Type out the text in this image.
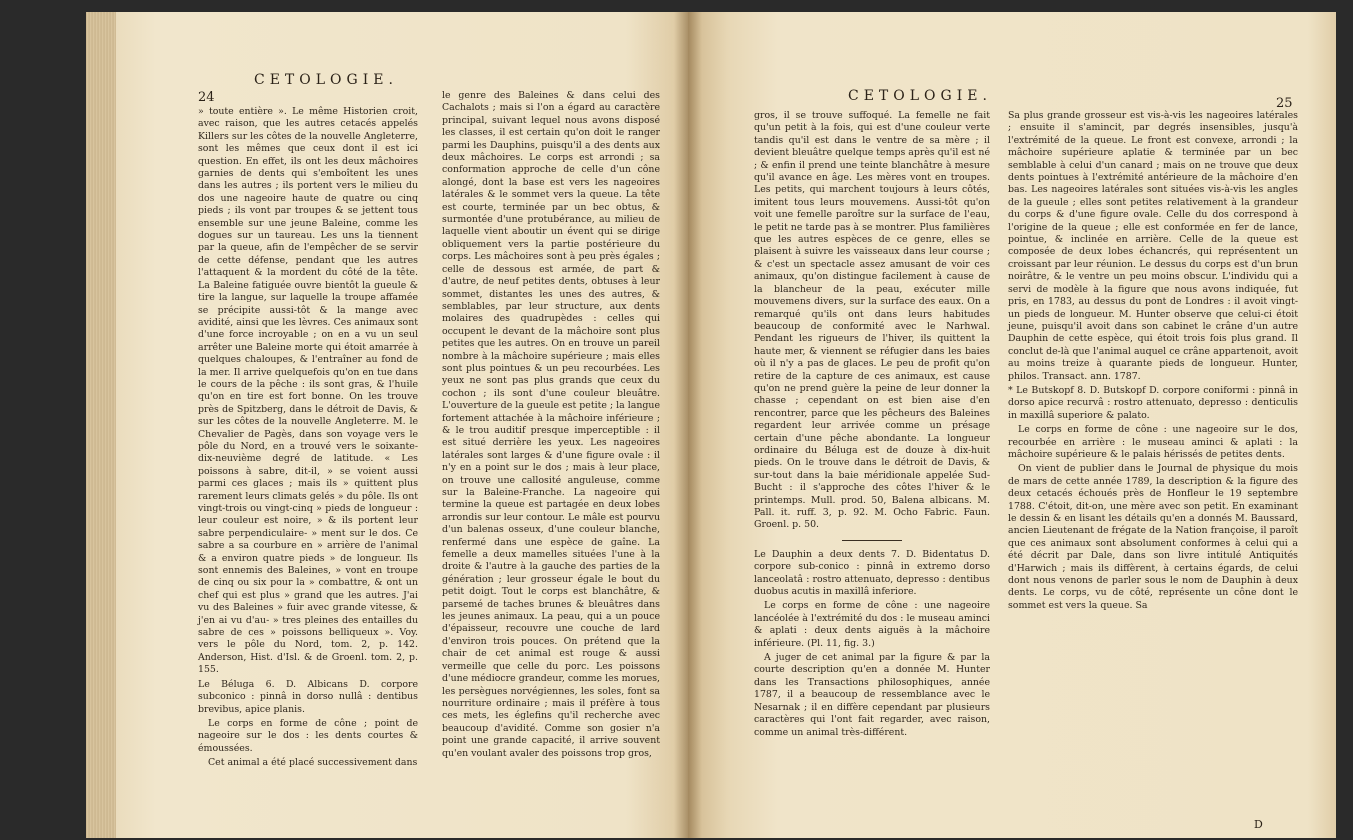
24
CETOLOGIE.

» toute entière ». Le même Historien croit, avec raison, que les autres cetacés appelés Killers sur les côtes de la nouvelle Angleterre, sont les mêmes que ceux dont il est ici question. En effet, ils ont les deux mâchoires garnies de dents qui s'emboîtent les unes dans les autres ; ils portent vers le milieu du dos une nageoire haute de quatre ou cinq pieds ; ils vont par troupes & se jettent tous ensemble sur une jeune Baleine, comme les dogues sur un taureau. Les uns la tiennent par la queue, afin de l'empêcher de se servir de cette défense, pendant que les autres l'attaquent & la mordent du côté de la tête. La Baleine fatiguée ouvre bientôt la gueule & tire la langue, sur laquelle la troupe affamée se précipite aussi-tôt & la mange avec avidité, ainsi que les lèvres. Ces animaux sont d'une force incroyable ; on en a vu un seul arrêter une Baleine morte qui étoit amarrée à quelques chaloupes, & l'entraîner au fond de la mer. Il arrive quelquefois qu'on en tue dans le cours de la pêche : ils sont gras, & l'huile qu'on en tire est fort bonne. On les trouve près de Spitzberg, dans le détroit de Davis, & sur les côtes de la nouvelle Angleterre. M. le Chevalier de Pagès, dans son voyage vers le pôle du Nord, en a trouvé vers le soixante-dix-neuvième degré de latitude. « Les poissons à sabre, dit-il, » se voient aussi parmi ces glaces ; mais ils » quittent plus rarement leurs climats gelés » du pôle. Ils ont vingt-trois ou vingt-cinq » pieds de longueur : leur couleur est noire, » & ils portent leur sabre perpendiculaire- » ment sur le dos. Ce sabre a sa courbure en » arrière de l'animal & a environ quatre pieds » de longueur. Ils sont ennemis des Baleines, » vont en troupe de cinq ou six pour la » combattre, & ont un chef qui est plus » grand que les autres. J'ai vu des Baleines » fuir avec grande vitesse, & j'en ai vu d'au- » tres pleines des entailles du sabre de ces » poissons belliqueux ». Voy. vers le pôle du Nord, tom. 2, p. 142. Anderson, Hist. d'Isl. & de Groenl. tom. 2, p. 155.

Le Béluga 6. D. Albicans D. corpore subconico : pinnâ in dorso nullâ : dentibus brevibus, apice planis.

Le corps en forme de cône ; point de nageoire sur le dos : les dents courtes & émoussées.

Cet animal a été placé successivement dans

le genre des Baleines & dans celui des Cachalots ; mais si l'on a égard au caractère principal, suivant lequel nous avons disposé les classes, il est certain qu'on doit le ranger parmi les Dauphins, puisqu'il a des dents aux deux mâchoires. Le corps est arrondi ; sa conformation approche de celle d'un cône alongé, dont la base est vers les nageoires latérales & le sommet vers la queue. La tête est courte, terminée par un bec obtus, & surmontée d'une protubérance, au milieu de laquelle vient aboutir un évent qui se dirige obliquement vers la partie postérieure du corps. Les mâchoires sont à peu près égales ; celle de dessous est armée, de part & d'autre, de neuf petites dents, obtuses à leur sommet, distantes les unes des autres, & semblables, par leur structure, aux dents molaires des quadrupèdes : celles qui occupent le devant de la mâchoire sont plus petites que les autres. On en trouve un pareil nombre à la mâchoire supérieure ; mais elles sont plus pointues & un peu recourbées. Les yeux ne sont pas plus grands que ceux du cochon ; ils sont d'une couleur bleuâtre. L'ouverture de la gueule est petite ; la langue fortement attachée à la mâchoire inférieure ; & le trou auditif presque imperceptible : il est situé derrière les yeux. Les nageoires latérales sont larges & d'une figure ovale : il n'y en a point sur le dos ; mais à leur place, on trouve une callosité anguleuse, comme sur la Baleine-Franche. La nageoire qui termine la queue est partagée en deux lobes arrondis sur leur contour. Le mâle est pourvu d'un balenas osseux, d'une couleur blanche, renfermé dans une espèce de gaîne. La femelle a deux mamelles situées l'une à la droite & l'autre à la gauche des parties de la génération ; leur grosseur égale le bout du petit doigt. Tout le corps est blanchâtre, & parsemé de taches brunes & bleuâtres dans les jeunes animaux. La peau, qui a un pouce d'épaisseur, recouvre une couche de lard d'environ trois pouces. On prétend que la chair de cet animal est rouge & aussi vermeille que celle du porc. Les poissons d'une médiocre grandeur, comme les morues, les persègues norvégiennes, les soles, font sa nourriture ordinaire ; mais il préfère à tous ces mets, les églefins qu'il recherche avec beaucoup d'avidité. Comme son gosier n'a point une grande capacité, il arrive souvent qu'en voulant avaler des poissons trop gros,

CETOLOGIE.	25

gros, il se trouve suffoqué. La femelle ne fait qu'un petit à la fois, qui est d'une couleur verte tandis qu'il est dans le ventre de sa mère ; il devient bleuâtre quelque temps après qu'il est né ; & enfin il prend une teinte blanchâtre à mesure qu'il avance en âge. Les mères vont en troupes. Les petits, qui marchent toujours à leurs côtés, imitent tous leurs mouvemens. Aussi-tôt qu'on voit une femelle paroître sur la surface de l'eau, le petit ne tarde pas à se montrer. Plus familières que les autres espèces de ce genre, elles se plaisent à suivre les vaisseaux dans leur course ; & c'est un spectacle assez amusant de voir ces animaux, qu'on distingue facilement à cause de la blancheur de la peau, exécuter mille mouvemens divers, sur la surface des eaux. On a remarqué qu'ils ont dans leurs habitudes beaucoup de conformité avec le Narhwal. Pendant les rigueurs de l'hiver, ils quittent la haute mer, & viennent se réfugier dans les baies où il n'y a pas de glaces. Le peu de profit qu'on retire de la capture de ces animaux, est cause qu'on ne prend guère la peine de leur donner la chasse ; cependant on est bien aise d'en rencontrer, parce que les pêcheurs des Baleines regardent leur arrivée comme un présage certain d'une pêche abondante. La longueur ordinaire du Béluga est de douze à dix-huit pieds. On le trouve dans le détroit de Davis, & sur-tout dans la baie méridionale appelée Sud-Bucht : il s'approche des côtes l'hiver & le printemps. Mull. prod. 50, Balena albicans. M. Pall. it. ruff. 3, p. 92. M. Ocho Fabric. Faun. Groenl. p. 50.

Le Dauphin a deux dents 7. D. Bidentatus D. corpore sub-conico : pinnâ in extremo dorso lanceolatâ : rostro attenuato, depresso : dentibus duobus acutis in maxillâ inferiore.

Le corps en forme de cône : une nageoire lancéolée à l'extrémité du dos : le museau aminci & aplati : deux dents aiguës à la mâchoire inférieure. (Pl. 11, fig. 3.)

A juger de cet animal par la figure & par la courte description qu'en a donnée M. Hunter dans les Transactions philosophiques, année 1787, il a beaucoup de ressemblance avec le Nesarnak ; il en diffère cependant par plusieurs caractères qui l'ont fait regarder, avec raison, comme un animal très-différent.

Sa plus grande grosseur est vis-à-vis les nageoires latérales ; ensuite il s'amincit, par degrés insensibles, jusqu'à l'extrémité de la queue. Le front est convexe, arrondi ; la mâchoire supérieure aplatie & terminée par un bec semblable à celui d'un canard ; mais on ne trouve que deux dents pointues à l'extrémité antérieure de la mâchoire d'en bas. Les nageoires latérales sont situées vis-à-vis les angles de la gueule ; elles sont petites relativement à la grandeur du corps & d'une figure ovale. Celle du dos correspond à l'origine de la queue ; elle est conformée en fer de lance, pointue, & inclinée en arrière. Celle de la queue est composée de deux lobes échancrés, qui représentent un croissant par leur réunion. Le dessus du corps est d'un brun noirâtre, & le ventre un peu moins obscur. L'individu qui a servi de modèle à la figure que nous avons indiquée, fut pris, en 1783, au dessus du pont de Londres : il avoit vingt-un pieds de longueur. M. Hunter observe que celui-ci étoit jeune, puisqu'il avoit dans son cabinet le crâne d'un autre Dauphin de cette espèce, qui étoit trois fois plus grand. Il conclut de-là que l'animal auquel ce crâne appartenoit, avoit au moins treize à quarante pieds de longueur. Hunter, philos. Transact. ann. 1787.

* Le Butskopf 8. D. Butskopf D. corpore coniformi : pinnâ in dorso apice recurvâ : rostro attenuato, depresso : denticulis in maxillâ superiore & palato.

Le corps en forme de cône : une nageoire sur le dos, recourbée en arrière : le museau aminci & aplati : la mâchoire supérieure & le palais hérissés de petites dents.

On vient de publier dans le Journal de physique du mois de mars de cette année 1789, la description & la figure des deux cetacés échoués près de Honfleur le 19 septembre 1788. C'étoit, dit-on, une mère avec son petit. En examinant le dessin & en lisant les détails qu'en a donnés M. Baussard, ancien Lieutenant de frégate de la Nation françoise, il paroît que ces animaux sont absolument conformes à celui qui a été décrit par Dale, dans son livre intitulé Antiquités d'Harwich ; mais ils diffèrent, à certains égards, de celui dont nous venons de parler sous le nom de Dauphin à deux dents. Le corps, vu de côté, représente un cône dont le sommet est vers la queue. Sa

D
